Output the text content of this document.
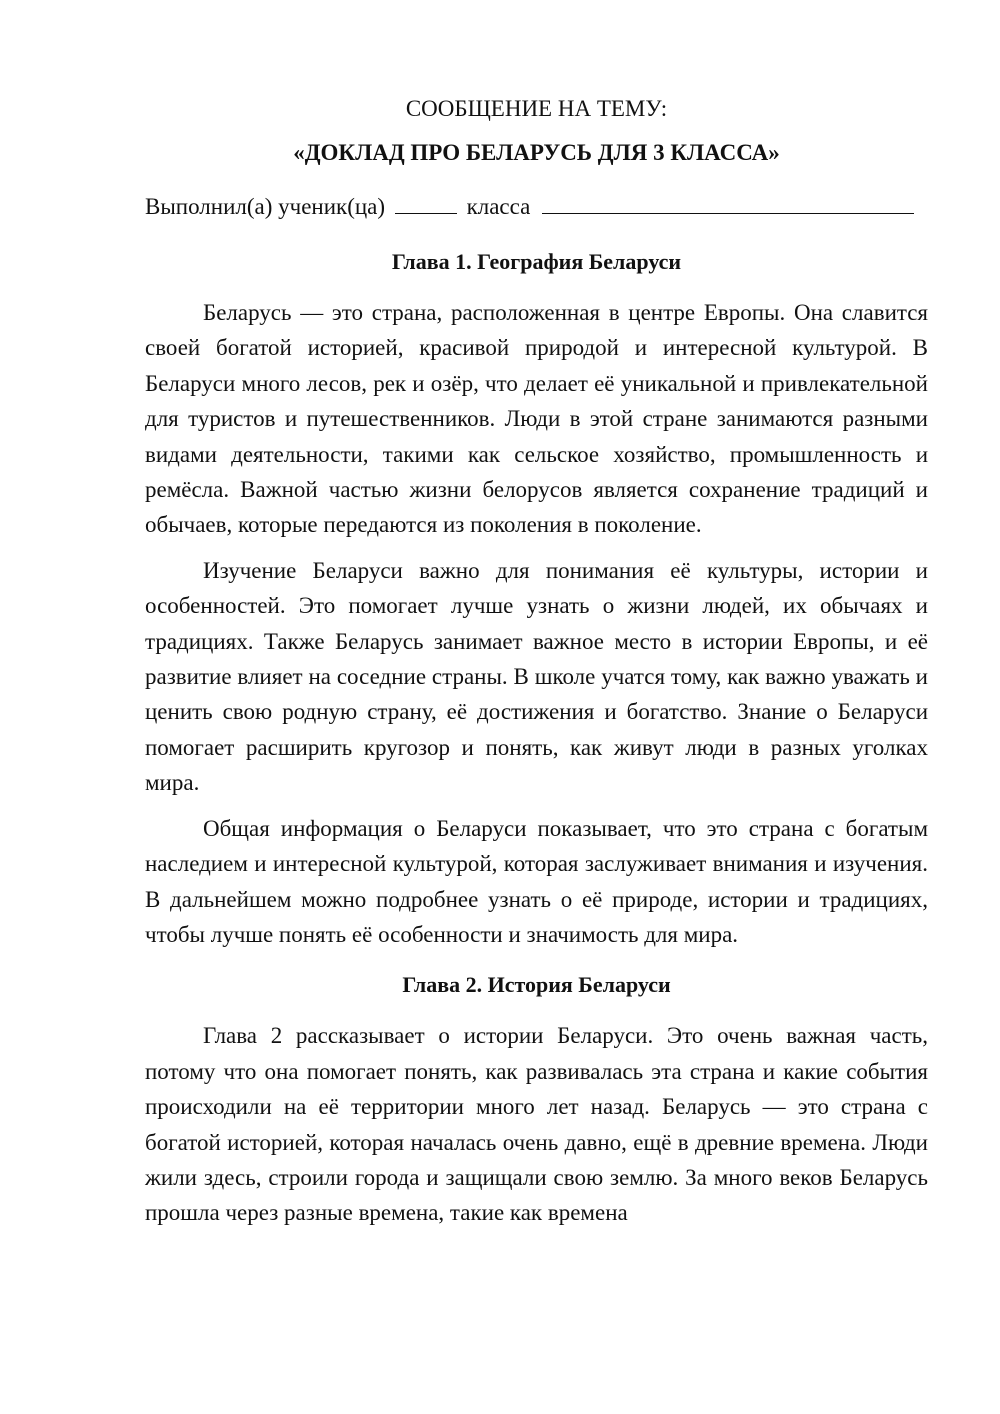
СООБЩЕНИЕ НА ТЕМУ:
«ДОКЛАД ПРО БЕЛАРУСЬ ДЛЯ 3 КЛАССА»
Выполнил(а) ученик(ца)	класса
Глава 1. География Беларуси

Беларусь — это страна, расположенная в центре Европы. Она славится своей богатой историей, красивой природой и интересной культурой. В Беларуси много лесов, рек и озёр, что делает её уникальной и привлекательной для туристов и путешественников. Люди в этой стране занимаются разными видами деятельности, такими как сельское хозяйство, промышленность и ремёсла. Важной частью жизни белорусов является сохранение традиций и обычаев, которые передаются из поколения в поколение.

Изучение Беларуси важно для понимания её культуры, истории и особенностей. Это помогает лучше узнать о жизни людей, их обычаях и традициях. Также Беларусь занимает важное место в истории Европы, и её развитие влияет на соседние страны. В школе учатся тому, как важно уважать и ценить свою родную страну, её достижения и богатство. Знание о Беларуси помогает расширить кругозор и понять, как живут люди в разных уголках мира.

Общая информация о Беларуси показывает, что это страна с богатым наследием и интересной культурой, которая заслуживает внимания и изучения. В дальнейшем можно подробнее узнать о её природе, истории и традициях, чтобы лучше понять её особенности и значимость для мира.

Глава 2. История Беларуси

Глава 2 рассказывает о истории Беларуси. Это очень важная часть, потому что она помогает понять, как развивалась эта страна и какие события происходили на её территории много лет назад. Беларусь — это страна с богатой историей, которая началась очень давно, ещё в древние времена. Люди жили здесь, строили города и защищали свою землю. За много веков Беларусь прошла через разные времена, такие как времена
